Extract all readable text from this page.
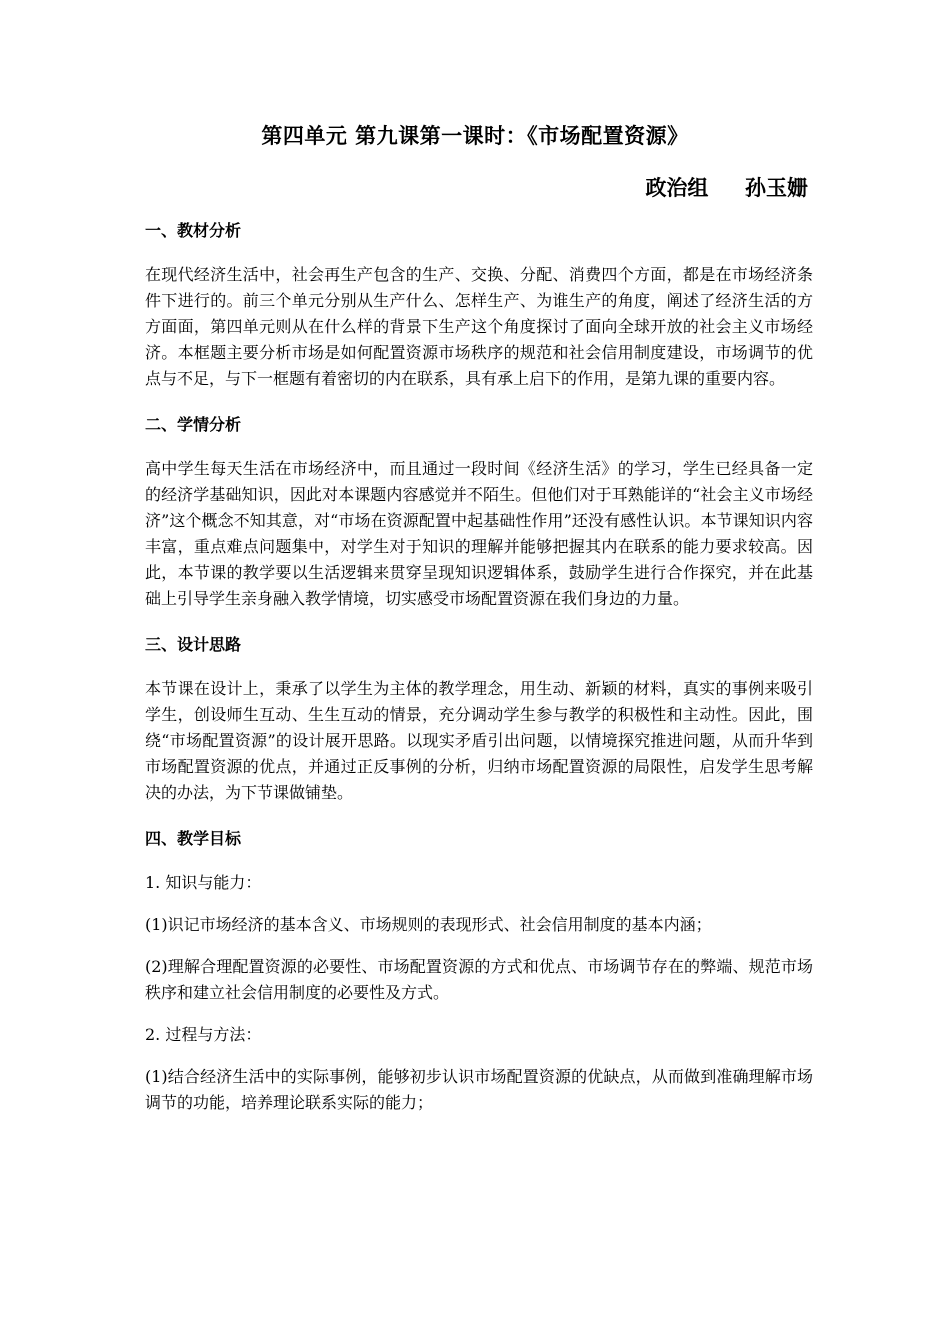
第四单元 第九课第一课时：《市场配置资源》
政治组     孙玉姗
一、教材分析
在现代经济生活中，社会再生产包含的生产、交换、分配、消费四个方面，都是在市场经济条件下进行的。前三个单元分别从生产什么、怎样生产、为谁生产的角度，阐述了经济生活的方方面面，第四单元则从在什么样的背景下生产这个角度探讨了面向全球开放的社会主义市场经济。本框题主要分析市场是如何配置资源市场秩序的规范和社会信用制度建设，市场调节的优点与不足，与下一框题有着密切的内在联系，具有承上启下的作用，是第九课的重要内容。
二、学情分析
高中学生每天生活在市场经济中，而且通过一段时间《经济生活》的学习，学生已经具备一定的经济学基础知识，因此对本课题内容感觉并不陌生。但他们对于耳熟能详的“社会主义市场经济”这个概念不知其意，对“市场在资源配置中起基础性作用”还没有感性认识。本节课知识内容丰富，重点难点问题集中，对学生对于知识的理解并能够把握其内在联系的能力要求较高。因此，本节课的教学要以生活逻辑来贯穿呈现知识逻辑体系，鼓励学生进行合作探究，并在此基础上引导学生亲身融入教学情境，切实感受市场配置资源在我们身边的力量。
三、设计思路
本节课在设计上，秉承了以学生为主体的教学理念，用生动、新颖的材料，真实的事例来吸引学生，创设师生互动、生生互动的情景，充分调动学生参与教学的积极性和主动性。因此，围绕“市场配置资源”的设计展开思路。以现实矛盾引出问题，以情境探究推进问题，从而升华到市场配置资源的优点，并通过正反事例的分析，归纳市场配置资源的局限性，启发学生思考解决的办法，为下节课做铺垫。
四、教学目标
1. 知识与能力：
(1)识记市场经济的基本含义、市场规则的表现形式、社会信用制度的基本内涵；
(2)理解合理配置资源的必要性、市场配置资源的方式和优点、市场调节存在的弊端、规范市场秩序和建立社会信用制度的必要性及方式。
2. 过程与方法：
(1)结合经济生活中的实际事例，能够初步认识市场配置资源的优缺点，从而做到准确理解市场调节的功能，培养理论联系实际的能力；
